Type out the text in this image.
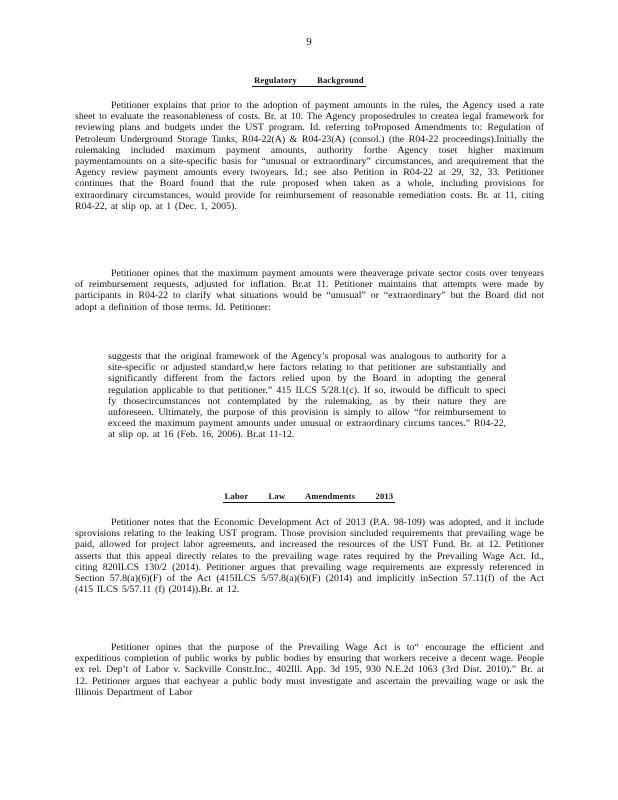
9
Regulatory Background

Petitioner explains that prior to the adoption of payment amounts in the rules, the Agency used a rate sheet to evaluate the reasonableness of costs. Br. at 10. The Agency proposedrules to createa legal framework for reviewing plans and budgets under the UST program. Id. referring toProposed Amendments to: Regulation of Petroleum Underground Storage Tanks, R04-22(A) & R04-23(A) (consol.) (the R04-22 proceedings).Initially the rulemaking included maximum payment amounts, authority forthe Agency toset higher maximum paymentamounts on a site-specific basis for “unusual or extraordinary” circumstances, and arequirement that the Agency review payment amounts every twoyears. Id.; see also Petition in R04-22 at 29, 32, 33. Petitioner continues that the Board found that the rule proposed when taken as a whole, including provisions for extraordinary circumstances, would provide for reimbursement of reasonable remediation costs. Br. at 11, citing R04-22, at slip op. at 1 (Dec. 1, 2005).

Petitioner opines that the maximum payment amounts were theaverage private sector costs over tenyears of reimbursement requests, adjusted for inflation. Br.at 11. Petitioner maintains that attempts were made by participants in R04-22 to clarify what situations would be “unusual” or “extraordinary” but the Board did not adopt a definition of those terms. Id. Petitioner:

suggests that the original framework of the Agency’s proposal was analogous to authority for a site-specific or adjusted standard,w here factors relating to that petitioner are substantially and significantly different from the factors relied upon by the Board in adopting the general regulation applicable to that petitioner.” 415 ILCS 5/28.1(c). If so, itwould be difficult to speci fy thosecircumstances not contemplated by the rulemaking, as by their nature they are unforeseen. Ultimately, the purpose of this provision is simply to allow “for reimbursement to exceed the maximum payment amounts under unusual or extraordinary circums tances.” R04-22, at slip op. at 16 (Feb. 16, 2006). Br.at 11-12.

Labor Law Amendments 2013

Petitioner notes that the Economic Development Act of 2013 (P.A. 98-109) was adopted, and it include sprovisions relating to the leaking UST program. Those provision sincluded requirements that prevailing wage be paid, allowed for project labor agreements, and increased the resources of the UST Fund. Br. at 12. Petitioner asserts that this appeal directly relates to the prevailing wage rates required by the Prevailing Wage Act. Id., citing 820ILCS 130/2 (2014). Petitioner argues that prevailing wage requirements are expressly referenced in Section 57.8(a)(6)(F) of the Act (415ILCS 5/57.8(a)(6)(F) (2014) and implicitly inSection 57.11(f) of the Act (415 ILCS 5/57.11 (f) (2014)).Br. at 12.

Petitioner opines that the purpose of the Prevailing Wage Act is to“ encourage the efficient and expeditious completion of public works by public bodies by ensuring that workers receive a decent wage. People ex rel. Dep’t of Labor v. Sackville Constr.Inc., 402Ill. App. 3d 195, 930 N.E.2d 1063 (3rd Dist. 2010).” Br. at 12. Petitioner argues that eachyear a public body must investigate and ascertain the prevailing wage or ask the Illinois Department of Labor
